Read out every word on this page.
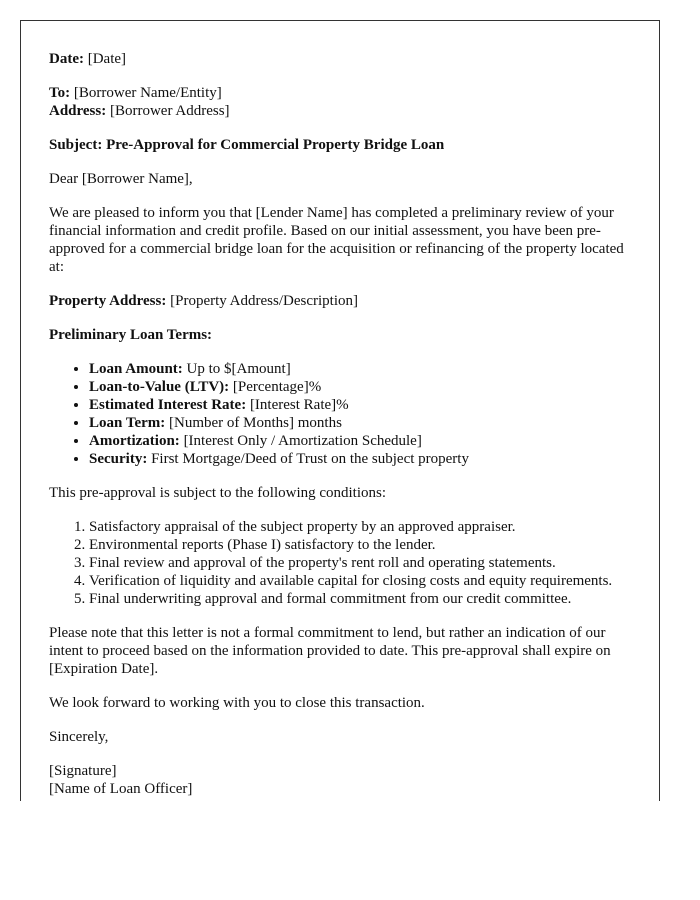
Date: [Date]

To: [Borrower Name/Entity]
Address: [Borrower Address]

Subject: Pre-Approval for Commercial Property Bridge Loan

Dear [Borrower Name],

We are pleased to inform you that [Lender Name] has completed a preliminary review of your financial information and credit profile. Based on our initial assessment, you have been pre-approved for a commercial bridge loan for the acquisition or refinancing of the property located at:

Property Address: [Property Address/Description]

Preliminary Loan Terms:

• Loan Amount: Up to $[Amount]
• Loan-to-Value (LTV): [Percentage]%
• Estimated Interest Rate: [Interest Rate]%
• Loan Term: [Number of Months] months
• Amortization: [Interest Only / Amortization Schedule]
• Security: First Mortgage/Deed of Trust on the subject property

This pre-approval is subject to the following conditions:

1. Satisfactory appraisal of the subject property by an approved appraiser.
2. Environmental reports (Phase I) satisfactory to the lender.
3. Final review and approval of the property's rent roll and operating statements.
4. Verification of liquidity and available capital for closing costs and equity requirements.
5. Final underwriting approval and formal commitment from our credit committee.

Please note that this letter is not a formal commitment to lend, but rather an indication of our intent to proceed based on the information provided to date. This pre-approval shall expire on [Expiration Date].

We look forward to working with you to close this transaction.

Sincerely,

[Signature]
[Name of Loan Officer]
